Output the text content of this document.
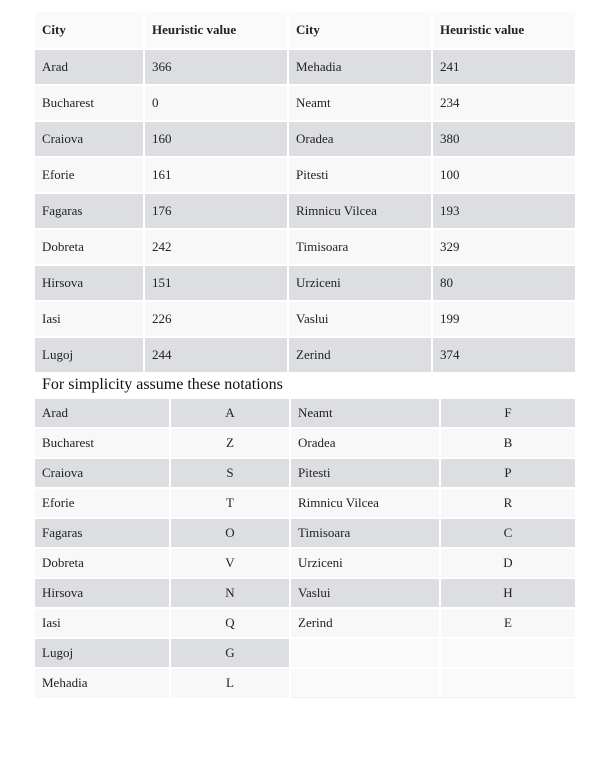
City	Heuristic value	City	Heuristic value
Arad	366	Mehadia	241
Bucharest	0	Neamt	234
Craiova	160	Oradea	380
Eforie	161	Pitesti	100
Fagaras	176	Rimnicu Vilcea	193
Dobreta	242	Timisoara	329
Hirsova	151	Urziceni	80
Iasi	226	Vaslui	199
Lugoj	244	Zerind	374
For simplicity assume these notations
Arad	A	Neamt	F
Bucharest	Z	Oradea	B
Craiova	S	Pitesti	P
Eforie	T	Rimnicu Vilcea	R
Fagaras	O	Timisoara	C
Dobreta	V	Urziceni	D
Hirsova	N	Vaslui	H
Iasi	Q	Zerind	E
Lugoj	G		
Mehadia	L		
